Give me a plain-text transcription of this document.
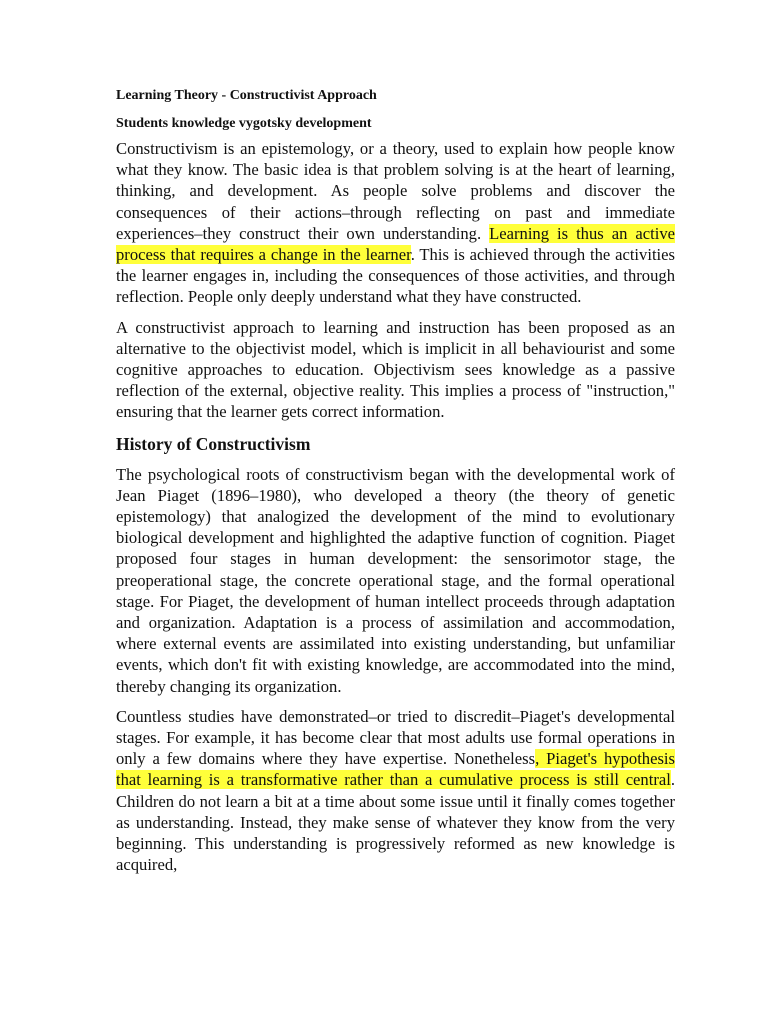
Learning Theory - Constructivist Approach
Students knowledge vygotsky development

Constructivism is an epistemology, or a theory, used to explain how people know what they know. The basic idea is that problem solving is at the heart of learning, thinking, and development. As people solve problems and discover the consequences of their actions–through reflecting on past and immediate experiences–they construct their own understanding. Learning is thus an active process that requires a change in the learner. This is achieved through the activities the learner engages in, including the consequences of those activities, and through reflection. People only deeply understand what they have constructed.

A constructivist approach to learning and instruction has been proposed as an alternative to the objectivist model, which is implicit in all behaviourist and some cognitive approaches to education. Objectivism sees knowledge as a passive reflection of the external, objective reality. This implies a process of "instruction," ensuring that the learner gets correct information.

History of Constructivism

The psychological roots of constructivism began with the developmental work of Jean Piaget (1896–1980), who developed a theory (the theory of genetic epistemology) that analogized the development of the mind to evolutionary biological development and highlighted the adaptive function of cognition. Piaget proposed four stages in human development: the sensorimotor stage, the preoperational stage, the concrete operational stage, and the formal operational stage. For Piaget, the development of human intellect proceeds through adaptation and organization. Adaptation is a process of assimilation and accommodation, where external events are assimilated into existing understanding, but unfamiliar events, which don't fit with existing knowledge, are accommodated into the mind, thereby changing its organization.

Countless studies have demonstrated–or tried to discredit–Piaget's developmental stages. For example, it has become clear that most adults use formal operations in only a few domains where they have expertise. Nonetheless, Piaget's hypothesis that learning is a transformative rather than a cumulative process is still central. Children do not learn a bit at a time about some issue until it finally comes together as understanding. Instead, they make sense of whatever they know from the very beginning. This understanding is progressively reformed as new knowledge is acquired,
